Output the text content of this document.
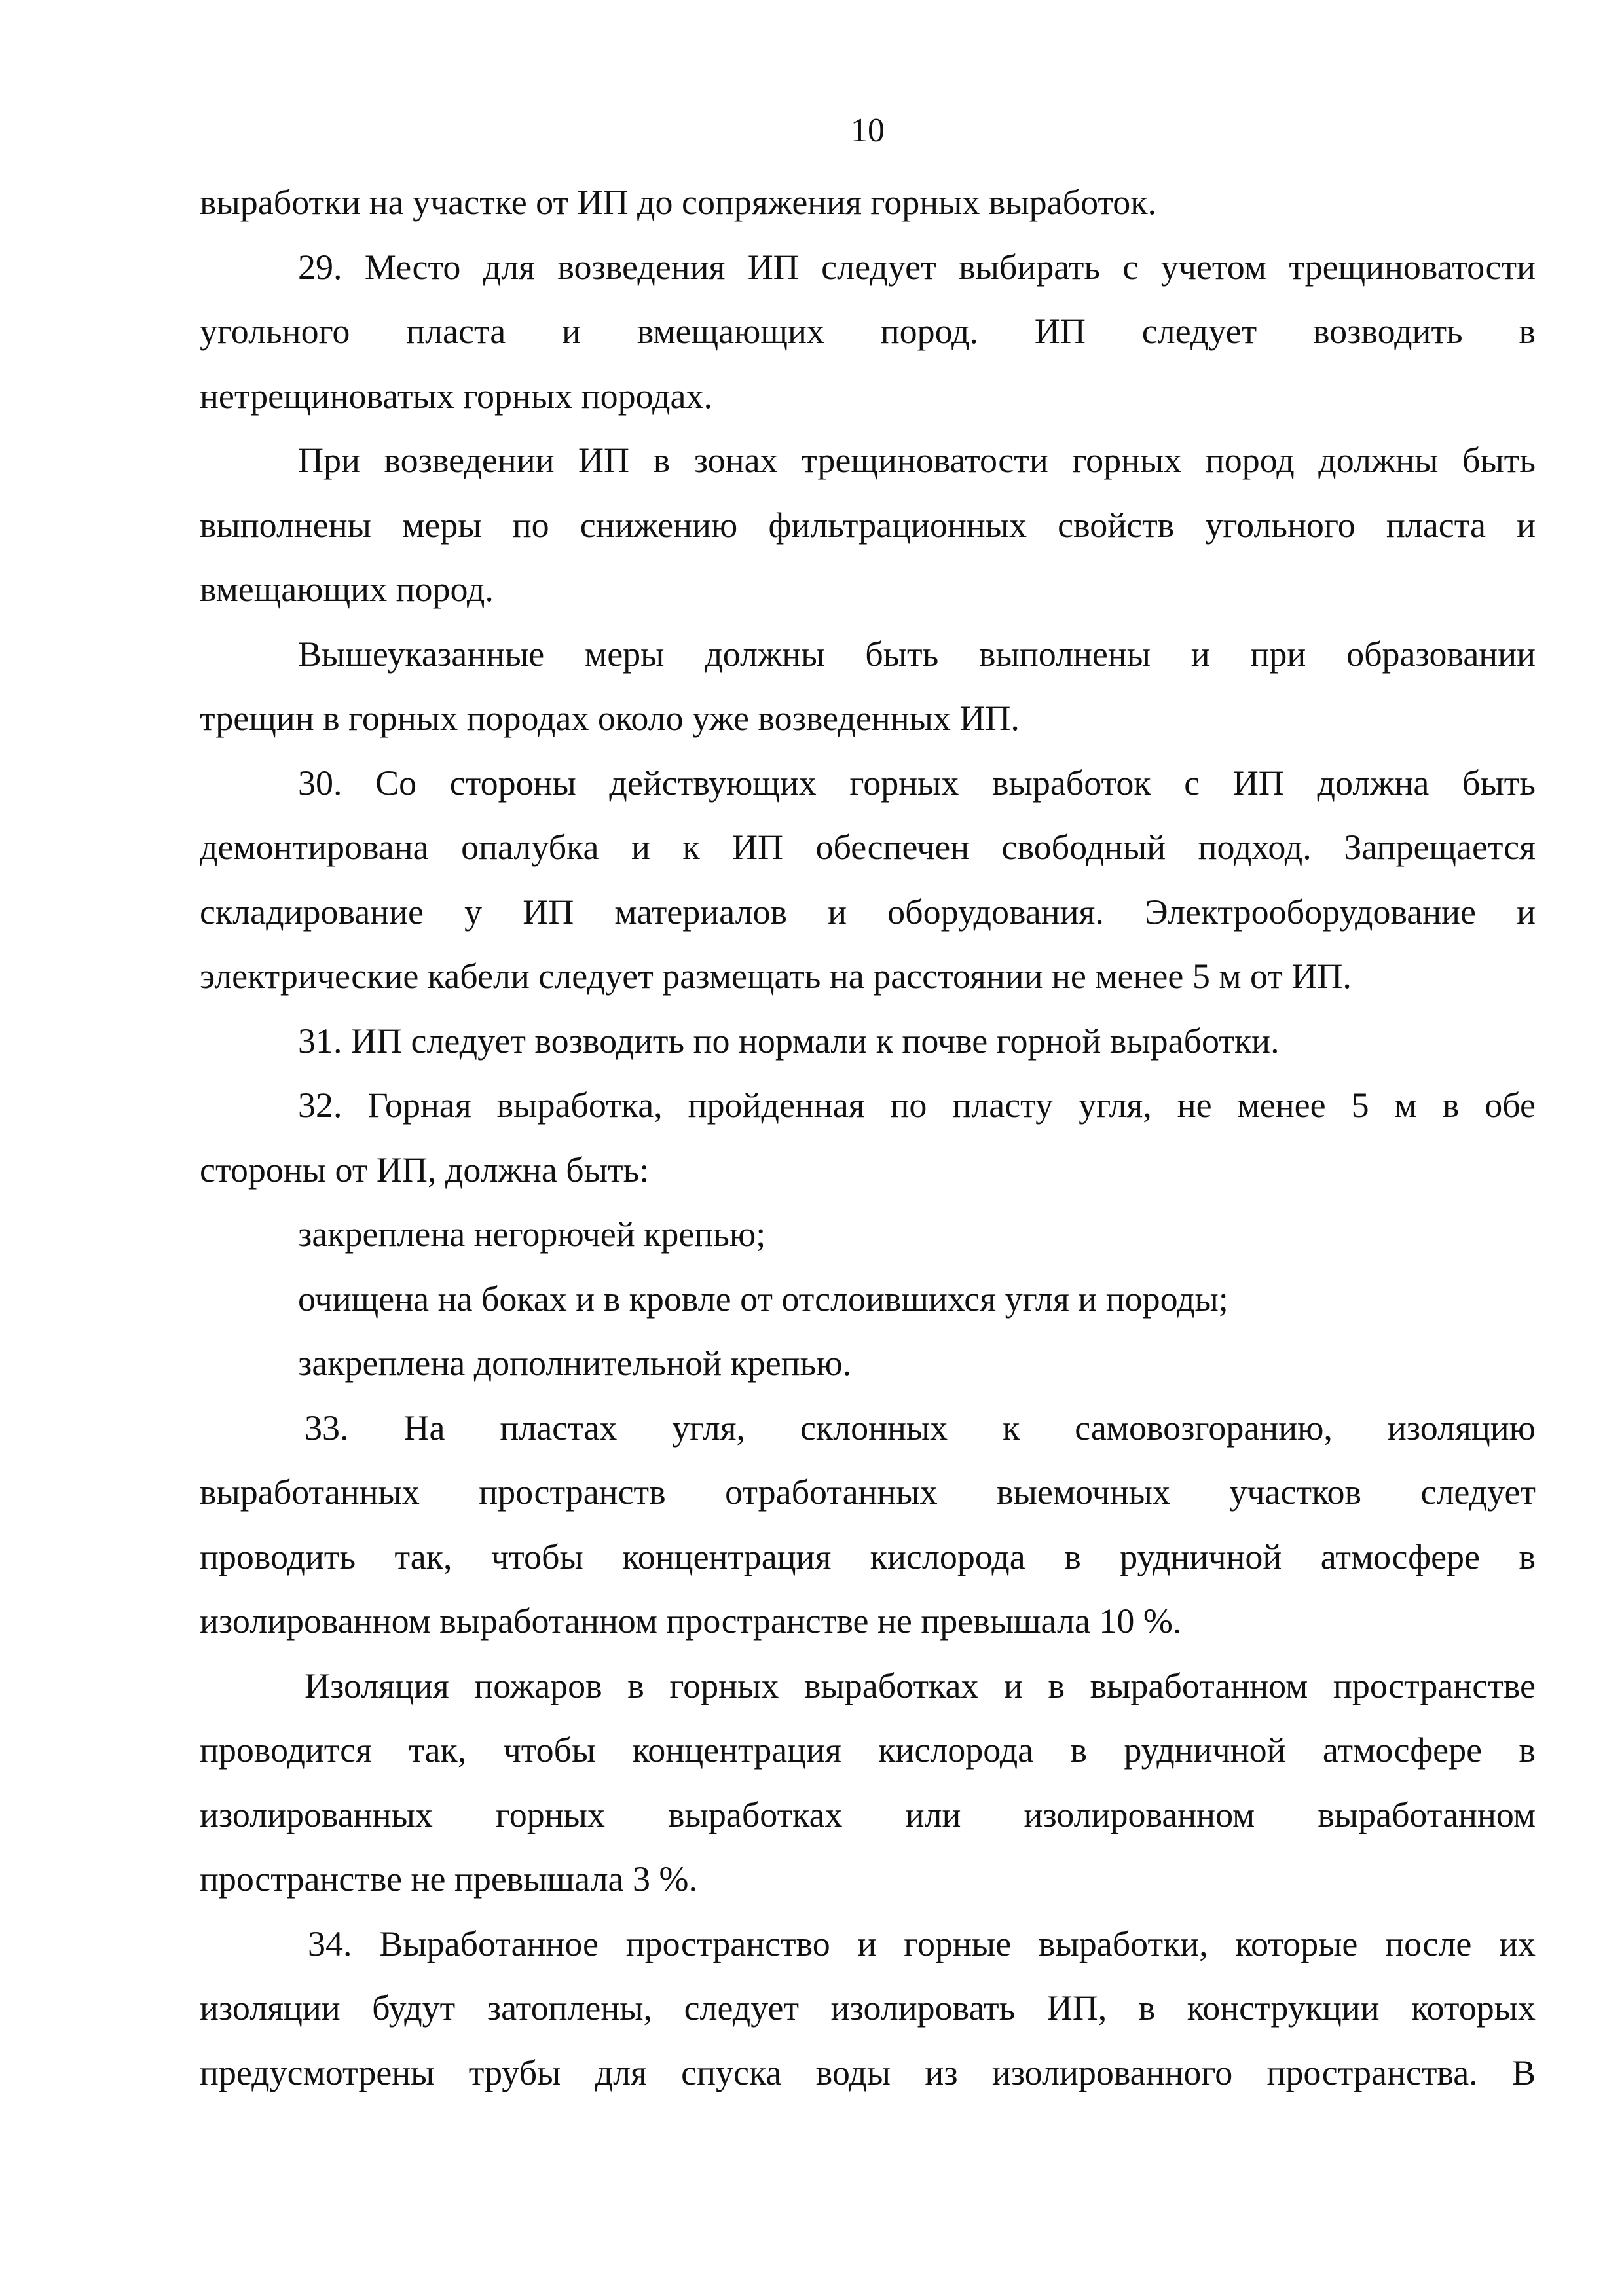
10
выработки на участке от ИП до сопряжения горных выработок.
29. Место для возведения ИП следует выбирать с учетом трещиноватости
угольного пласта и вмещающих пород. ИП следует возводить в
нетрещиноватых горных породах.
При возведении ИП в зонах трещиноватости горных пород должны быть
выполнены меры по снижению фильтрационных свойств угольного пласта и
вмещающих пород.
Вышеуказанные меры должны быть выполнены и при образовании
трещин в горных породах около уже возведенных ИП.
30. Со стороны действующих горных выработок с ИП должна быть
демонтирована опалубка и к ИП обеспечен свободный подход. Запрещается
складирование у ИП материалов и оборудования. Электрооборудование и
электрические кабели следует размещать на расстоянии не менее 5 м от ИП.
31. ИП следует возводить по нормали к почве горной выработки.
32. Горная выработка, пройденная по пласту угля, не менее 5 м в обе
стороны от ИП, должна быть:
закреплена негорючей крепью;
очищена на боках и в кровле от отслоившихся угля и породы;
закреплена дополнительной крепью.
33. На пластах угля, склонных к самовозгоранию, изоляцию
выработанных пространств отработанных выемочных участков следует
проводить так, чтобы концентрация кислорода в рудничной атмосфере в
изолированном выработанном пространстве не превышала 10 %.
Изоляция пожаров в горных выработках и в выработанном пространстве
проводится так, чтобы концентрация кислорода в рудничной атмосфере в
изолированных горных выработках или изолированном выработанном
пространстве не превышала 3 %.
34. Выработанное пространство и горные выработки, которые после их
изоляции будут затоплены, следует изолировать ИП, в конструкции которых
предусмотрены трубы для спуска воды из изолированного пространства. В
